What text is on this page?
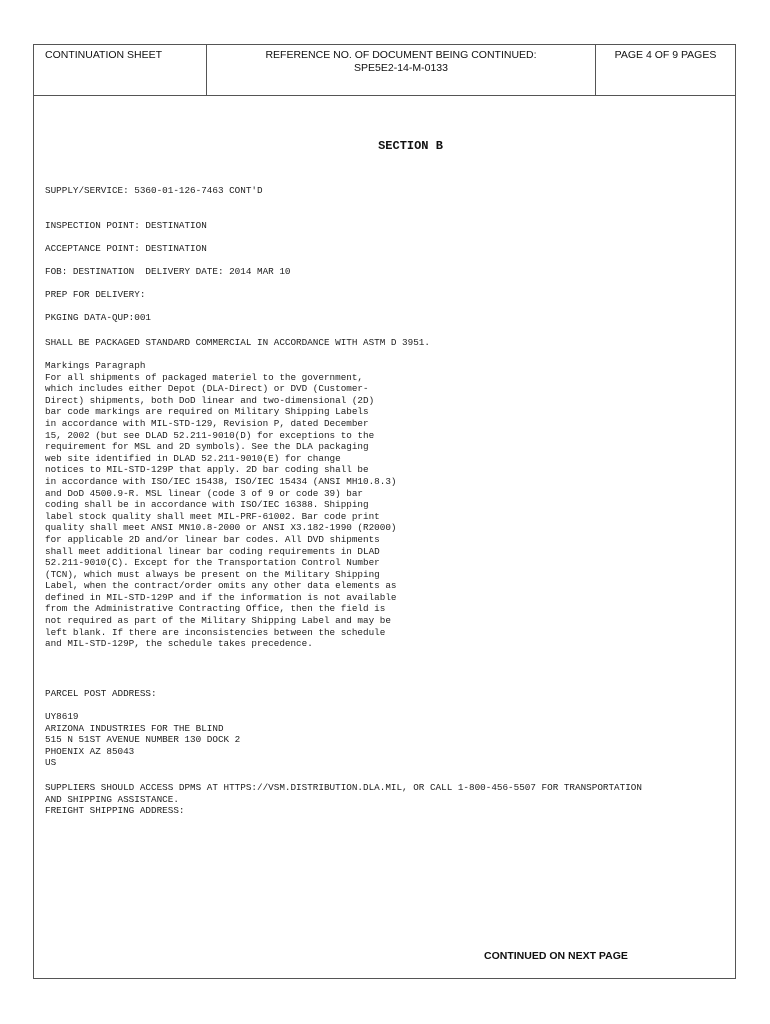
CONTINUATION SHEET	REFERENCE NO. OF DOCUMENT BEING CONTINUED:
SPE5E2-14-M-0133
PAGE 4 OF 9 PAGES
SECTION B
SUPPLY/SERVICE: 5360-01-126-7463 CONT'D
INSPECTION POINT: DESTINATION
ACCEPTANCE POINT: DESTINATION
FOB: DESTINATION  DELIVERY DATE: 2014 MAR 10
PREP FOR DELIVERY:
PKGING DATA-QUP:001
SHALL BE PACKAGED STANDARD COMMERCIAL IN ACCORDANCE WITH ASTM D 3951.
Markings Paragraph
For all shipments of packaged materiel to the government,
which includes either Depot (DLA-Direct) or DVD (Customer-
Direct) shipments, both DoD linear and two-dimensional (2D)
bar code markings are required on Military Shipping Labels
in accordance with MIL-STD-129, Revision P, dated December
15, 2002 (but see DLAD 52.211-9010(D) for exceptions to the
requirement for MSL and 2D symbols). See the DLA packaging
web site identified in DLAD 52.211-9010(E) for change
notices to MIL-STD-129P that apply. 2D bar coding shall be
in accordance with ISO/IEC 15438, ISO/IEC 15434 (ANSI MH10.8.3)
and DoD 4500.9-R. MSL linear (code 3 of 9 or code 39) bar
coding shall be in accordance with ISO/IEC 16388. Shipping
label stock quality shall meet MIL-PRF-61002. Bar code print
quality shall meet ANSI MN10.8-2000 or ANSI X3.182-1990 (R2000)
for applicable 2D and/or linear bar codes. All DVD shipments
shall meet additional linear bar coding requirements in DLAD
52.211-9010(C). Except for the Transportation Control Number
(TCN), which must always be present on the Military Shipping
Label, when the contract/order omits any other data elements as
defined in MIL-STD-129P and if the information is not available
from the Administrative Contracting Office, then the field is
not required as part of the Military Shipping Label and may be
left blank. If there are inconsistencies between the schedule
and MIL-STD-129P, the schedule takes precedence.
PARCEL POST ADDRESS:
UY8619
ARIZONA INDUSTRIES FOR THE BLIND
515 N 51ST AVENUE NUMBER 130 DOCK 2
PHOENIX AZ 85043
US
SUPPLIERS SHOULD ACCESS DPMS AT HTTPS://VSM.DISTRIBUTION.DLA.MIL, OR CALL 1-800-456-5507 FOR TRANSPORTATION
AND SHIPPING ASSISTANCE.
FREIGHT SHIPPING ADDRESS:
CONTINUED ON NEXT PAGE
